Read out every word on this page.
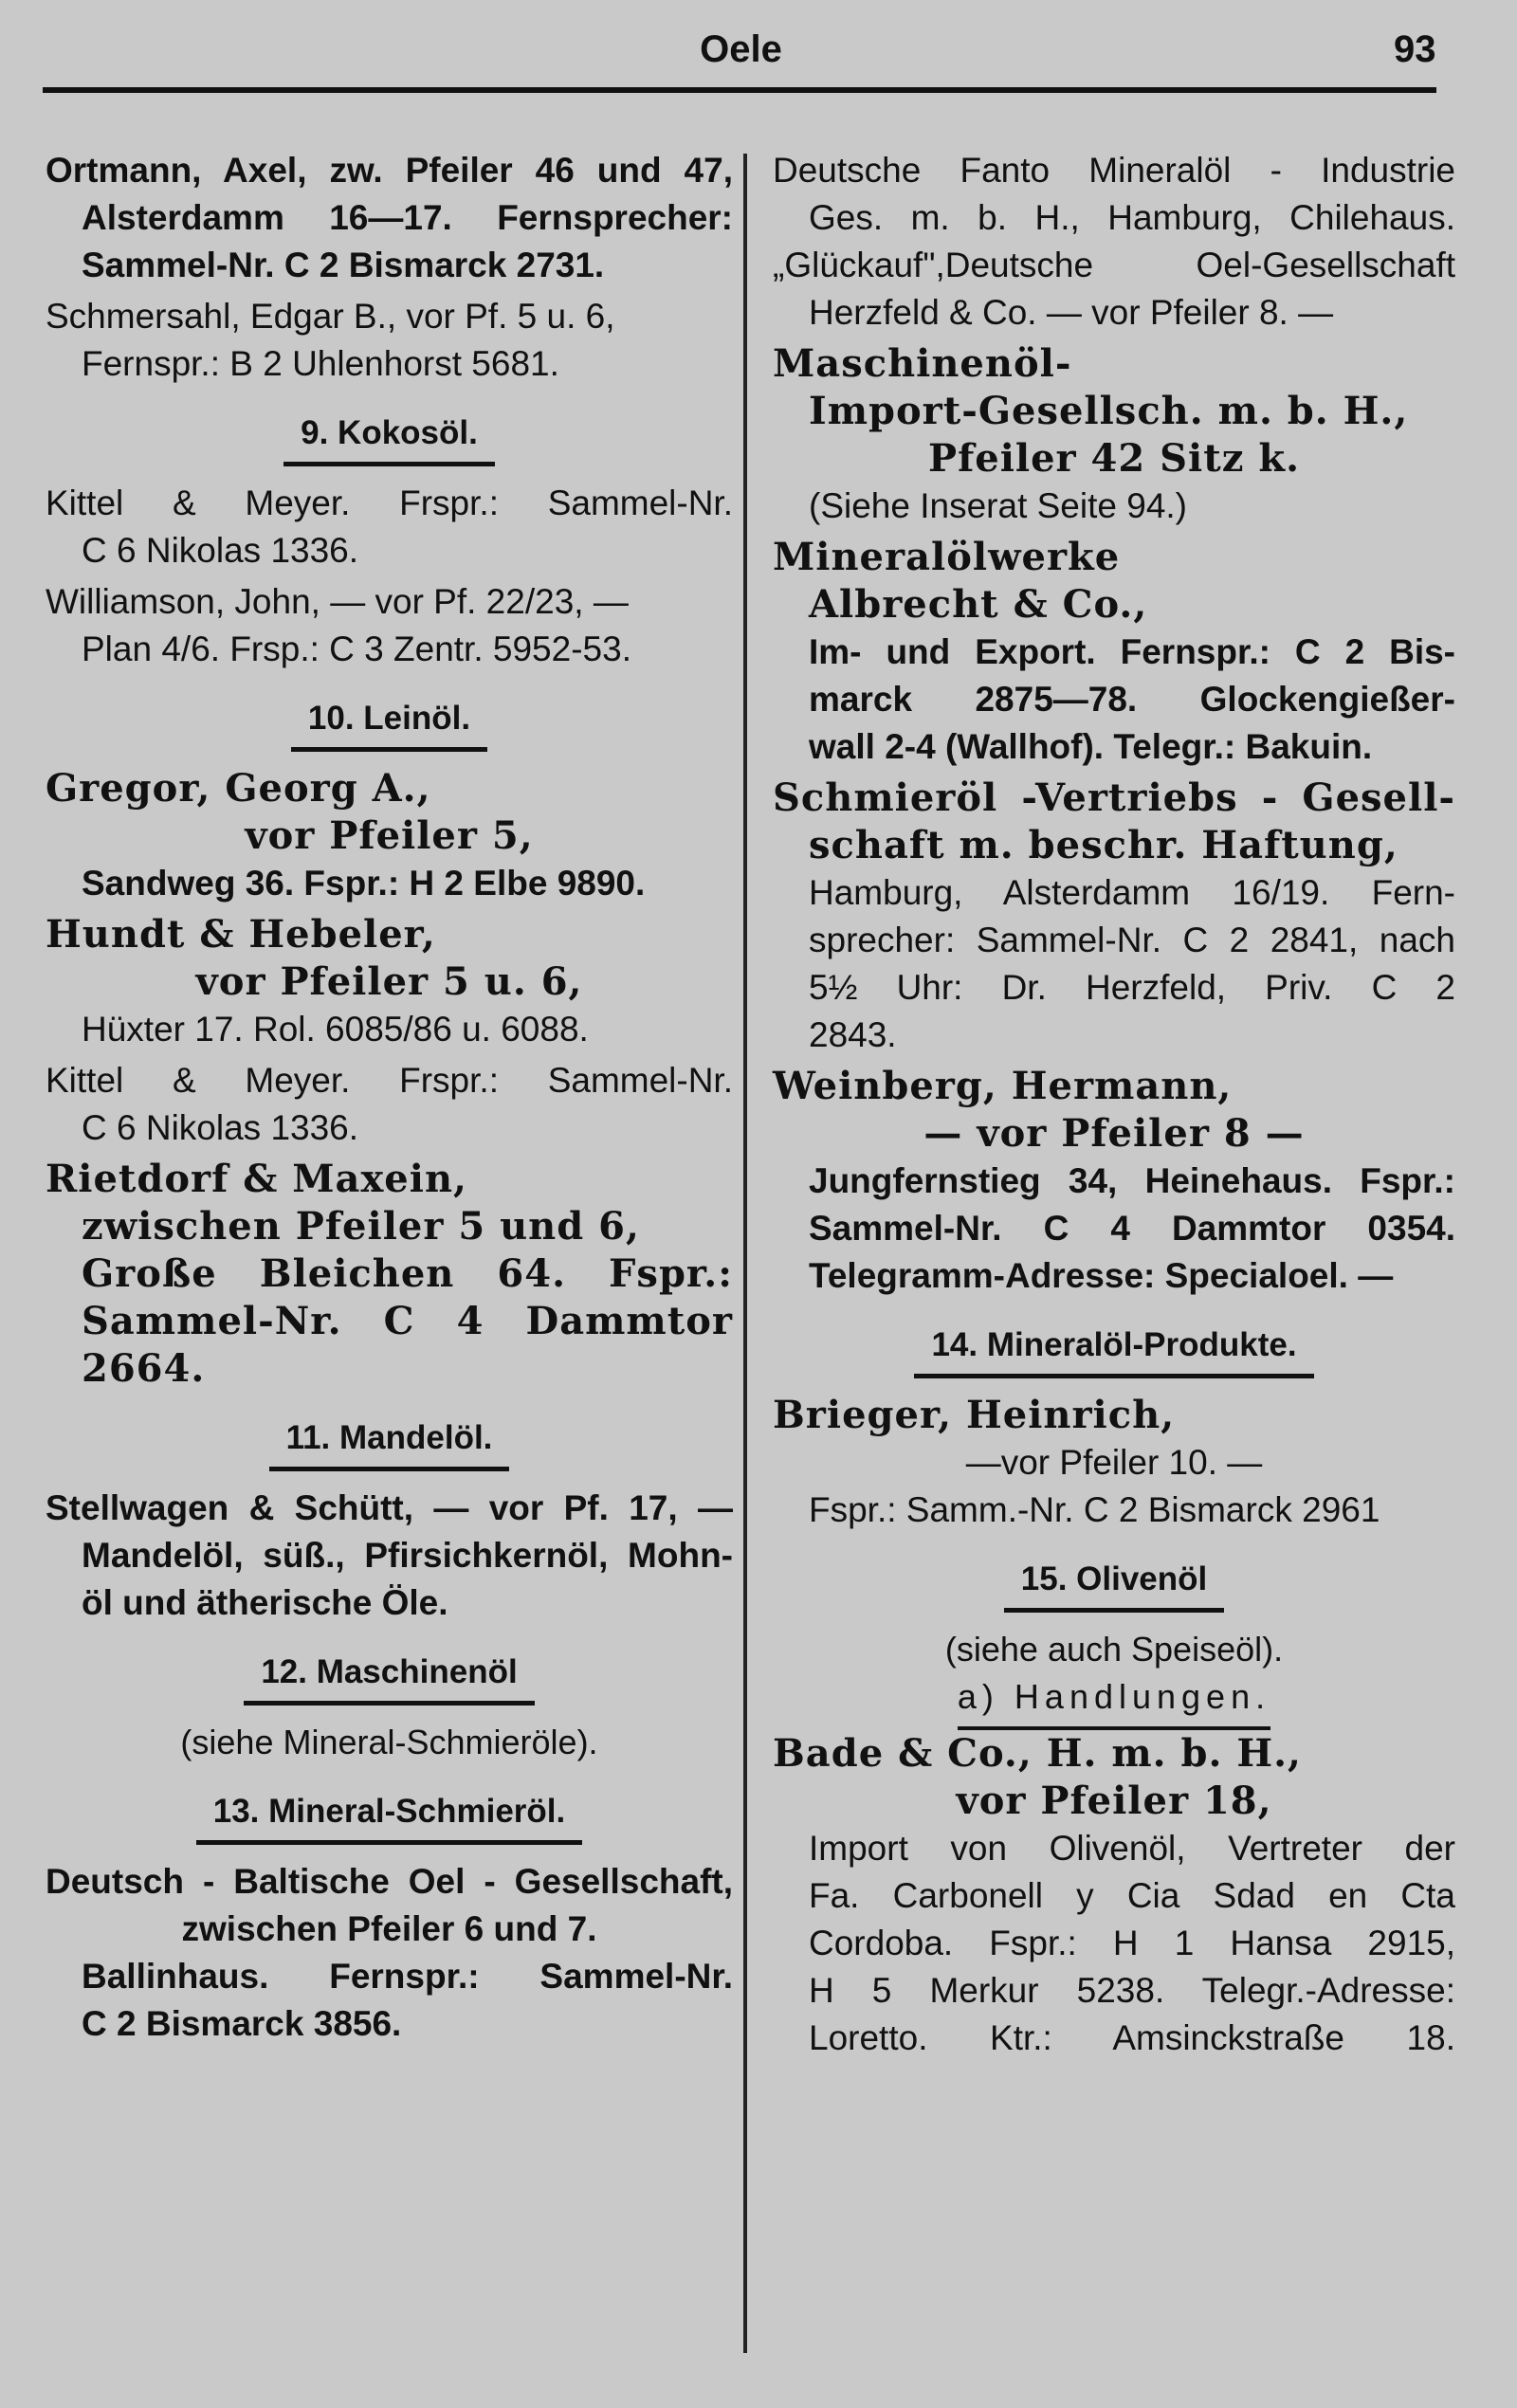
Oele	93
Ortmann, Axel, zw. Pfeiler 46 und 47,
Alsterdamm 16—17. Fernsprecher:
Sammel-Nr. C 2 Bismarck 2731.
Schmersahl, Edgar B., vor Pf. 5 u. 6,
Fernspr.: B 2 Uhlenhorst 5681.
9. Kokosöl.
Kittel & Meyer. Frspr.: Sammel-Nr.
C 6 Nikolas 1336.
Williamson, John, — vor Pf. 22/23, —
Plan 4/6. Frsp.: C 3 Zentr. 5952-53.
10. Leinöl.
Gregor, Georg A.,
vor Pfeiler 5,
Sandweg 36. Fspr.: H 2 Elbe 9890.
Hundt & Hebeler,
vor Pfeiler 5 u. 6,
Hüxter 17. Rol. 6085/86 u. 6088.
Kittel & Meyer. Frspr.: Sammel-Nr.
C 6 Nikolas 1336.
Rietdorf & Maxein,
zwischen Pfeiler 5 und 6,
Große Bleichen 64. Fspr.:
Sammel-Nr. C 4 Dammtor
2664.
11. Mandelöl.
Stellwagen & Schütt, — vor Pf. 17, —
Mandelöl, süß., Pfirsichkernöl, Mohn-
öl und ätherische Öle.
12. Maschinenöl
(siehe Mineral-Schmieröle).
13. Mineral-Schmieröl.
Deutsch - Baltische Oel - Gesellschaft,
zwischen Pfeiler 6 und 7.
Ballinhaus. Fernspr.: Sammel-Nr.
C 2 Bismarck 3856.
Deutsche Fanto Mineralöl - Industrie
Ges. m. b. H., Hamburg, Chilehaus.
„Glückauf",Deutsche Oel-Gesellschaft
Herzfeld & Co. — vor Pfeiler 8. —
Maschinenöl-
Import-Gesellsch. m. b. H.,
Pfeiler 42 Sitz k.
(Siehe Inserat Seite 94.)
Mineralölwerke
Albrecht & Co.,
Im- und Export. Fernspr.: C 2 Bis-
marck 2875—78. Glockengießer-
wall 2-4 (Wallhof). Telegr.: Bakuin.
Schmieröl -Vertriebs - Gesell-
schaft m. beschr. Haftung,
Hamburg, Alsterdamm 16/19. Fern-
sprecher: Sammel-Nr. C 2 2841, nach
5½ Uhr: Dr. Herzfeld, Priv. C 2
2843.
Weinberg, Hermann,
— vor Pfeiler 8 —
Jungfernstieg 34, Heinehaus. Fspr.:
Sammel-Nr. C 4 Dammtor 0354.
Telegramm-Adresse: Specialoel. —
14. Mineralöl-Produkte.
Brieger, Heinrich,
—vor Pfeiler 10. —
Fspr.: Samm.-Nr. C 2 Bismarck 2961
15. Olivenöl
(siehe auch Speiseöl).
a) Handlungen.
Bade & Co., H. m. b. H.,
vor Pfeiler 18,
Import von Olivenöl, Vertreter der
Fa. Carbonell y Cia Sdad en Cta
Cordoba. Fspr.: H 1 Hansa 2915,
H 5 Merkur 5238. Telegr.-Adresse:
Loretto. Ktr.: Amsinckstraße 18.
